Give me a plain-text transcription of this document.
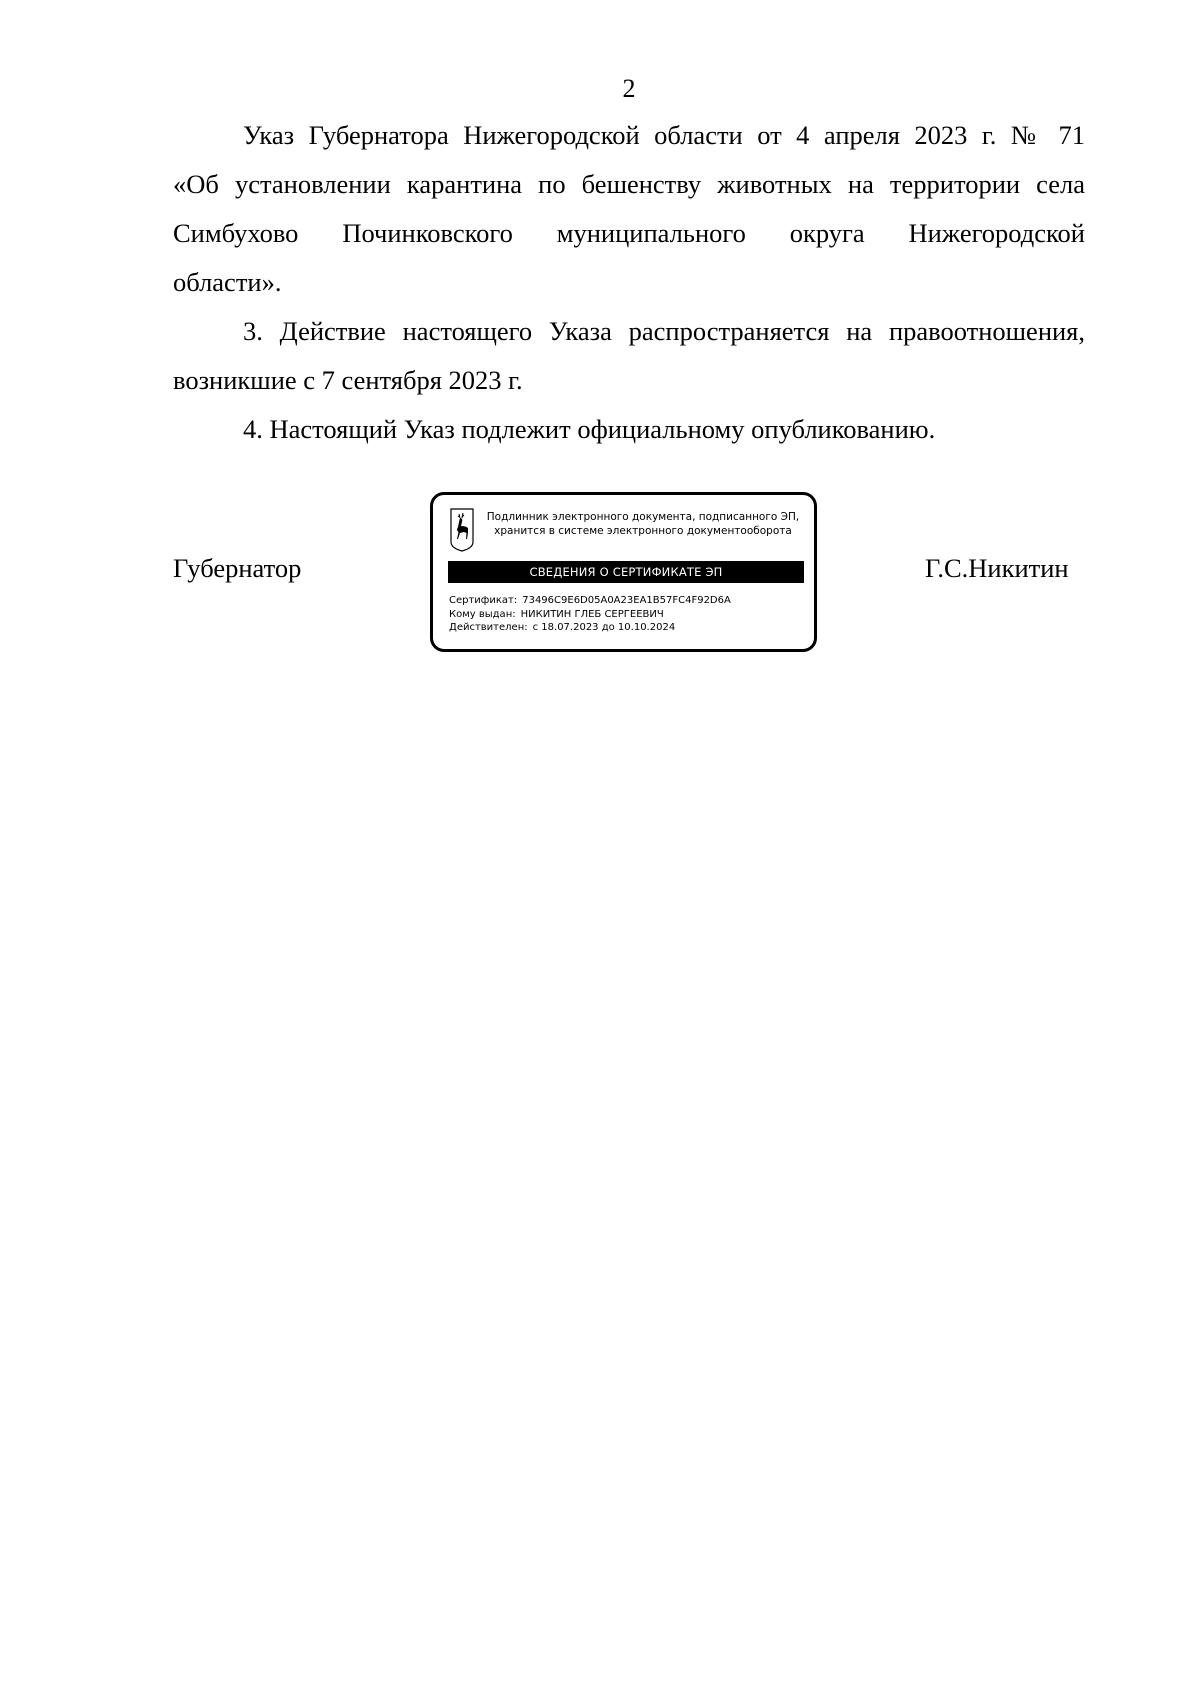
2

Указ Губернатора Нижегородской области от 4 апреля 2023 г. № 71
«Об установлении карантина по бешенству животных на территории села
Симбухово Починковского муниципального округа Нижегородской
области».

3. Действие настоящего Указа распространяется на правоотношения,
возникшие с 7 сентября 2023 г.

4. Настоящий Указ подлежит официальному опубликованию.

Губернатор
Подлинник электронного документа, подписанного ЭП,
хранится в системе электронного документооборота
СВЕДЕНИЯ О СЕРТИФИКАТЕ ЭП
Сертификат: 73496C9E6D05A0A23EA1B57FC4F92D6A
Кому выдан: НИКИТИН ГЛЕБ СЕРГЕЕВИЧ
Действителен: с 18.07.2023 до 10.10.2024
Г.С.Никитин
